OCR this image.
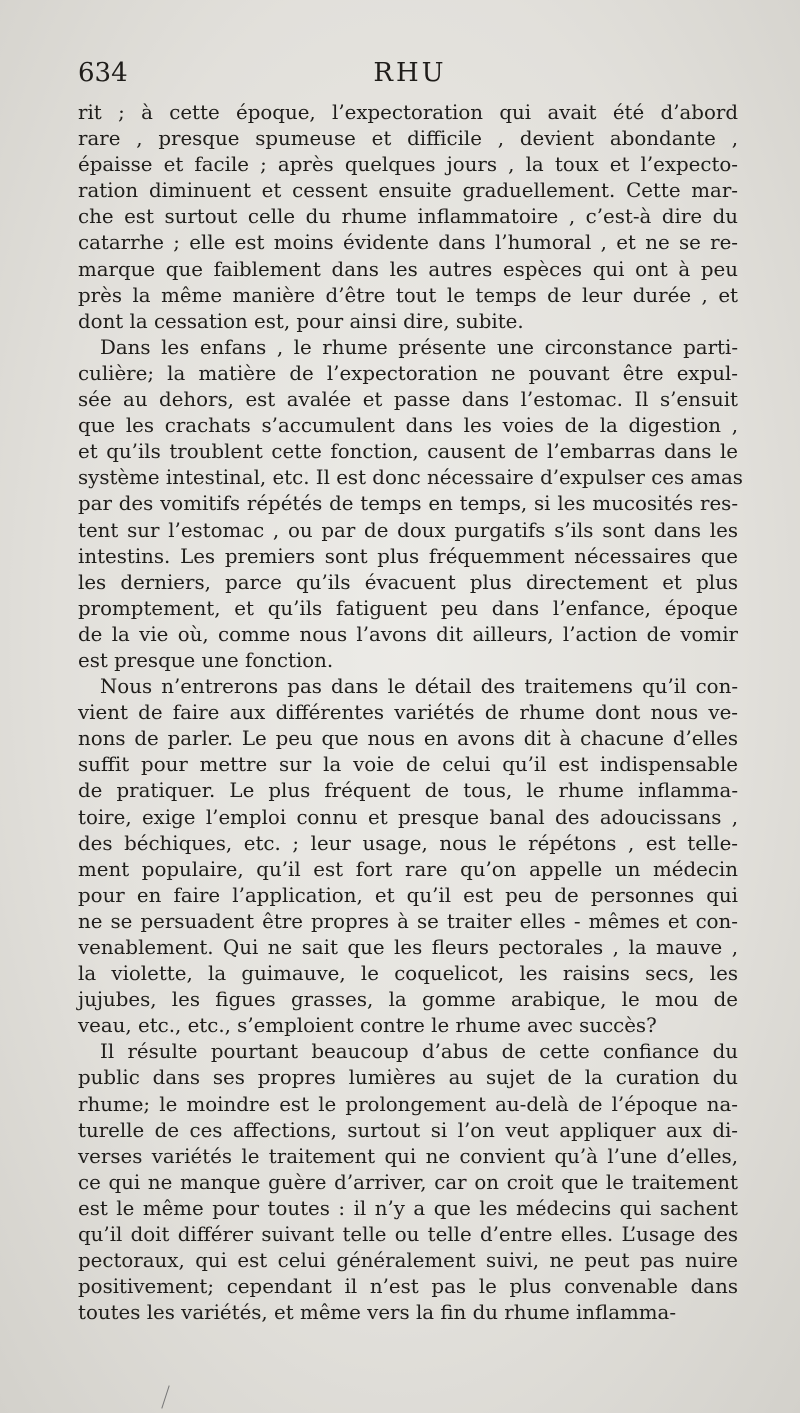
634	RHU
rit ; à cette époque, l’expectoration qui avait été d’abord
rare , presque spumeuse et difficile , devient abondante ,
épaisse et facile ; après quelques jours , la toux et l’expecto-
ration diminuent et cessent ensuite graduellement. Cette mar-
che est surtout celle du rhume inflammatoire , c’est-à dire du
catarrhe ; elle est moins évidente dans l’humoral , et ne se re-
marque que faiblement dans les autres espèces qui ont à peu
près la même manière d’être tout le temps de leur durée , et
dont la cessation est, pour ainsi dire, subite.
Dans les enfans , le rhume présente une circonstance parti-
culière; la matière de l’expectoration ne pouvant être expul-
sée au dehors, est avalée et passe dans l’estomac. Il s’ensuit
que les crachats s’accumulent dans les voies de la digestion ,
et qu’ils troublent cette fonction, causent de l’embarras dans le
système intestinal, etc. Il est donc nécessaire d’expulser ces amas
par des vomitifs répétés de temps en temps, si les mucosités res-
tent sur l’estomac , ou par de doux purgatifs s’ils sont dans les
intestins. Les premiers sont plus fréquemment nécessaires que
les derniers, parce qu’ils évacuent plus directement et plus
promptement, et qu’ils fatiguent peu dans l’enfance, époque
de la vie où, comme nous l’avons dit ailleurs, l’action de vomir
est presque une fonction.
Nous n’entrerons pas dans le détail des traitemens qu’il con-
vient de faire aux différentes variétés de rhume dont nous ve-
nons de parler. Le peu que nous en avons dit à chacune d’elles
suffit pour mettre sur la voie de celui qu’il est indispensable
de pratiquer. Le plus fréquent de tous, le rhume inflamma-
toire, exige l’emploi connu et presque banal des adoucissans ,
des béchiques, etc. ; leur usage, nous le répétons , est telle-
ment populaire, qu’il est fort rare qu’on appelle un médecin
pour en faire l’application, et qu’il est peu de personnes qui
ne se persuadent être propres à se traiter elles - mêmes et con-
venablement. Qui ne sait que les fleurs pectorales , la mauve ,
la violette, la guimauve, le coquelicot, les raisins secs, les
jujubes, les figues grasses, la gomme arabique, le mou de
veau, etc., etc., s’emploient contre le rhume avec succès?
Il résulte pourtant beaucoup d’abus de cette confiance du
public dans ses propres lumières au sujet de la curation du
rhume; le moindre est le prolongement au-delà de l’époque na-
turelle de ces affections, surtout si l’on veut appliquer aux di-
verses variétés le traitement qui ne convient qu’à l’une d’elles,
ce qui ne manque guère d’arriver, car on croit que le traitement
est le même pour toutes : il n’y a que les médecins qui sachent
qu’il doit différer suivant telle ou telle d’entre elles. L’usage des
pectoraux, qui est celui généralement suivi, ne peut pas nuire
positivement; cependant il n’est pas le plus convenable dans
toutes les variétés, et même vers la fin du rhume inflamma-
